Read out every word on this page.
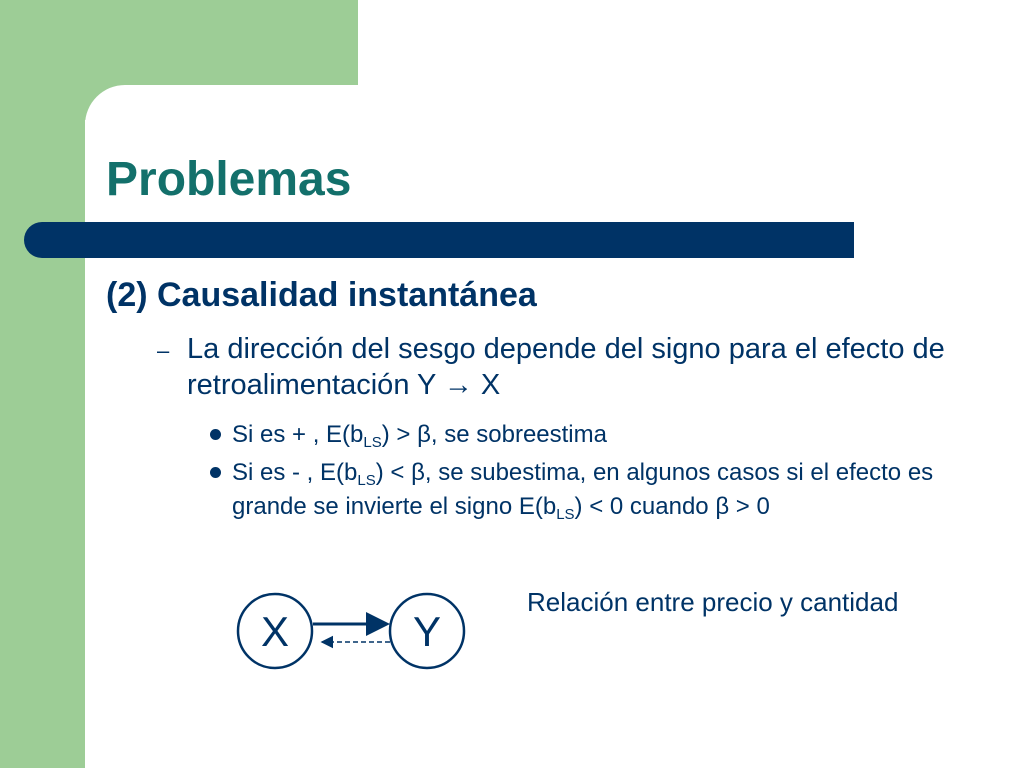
Problemas
(2) Causalidad instantánea
– La dirección del sesgo depende del signo para el efecto de retroalimentación Y → X
Si es + , $E(b_{LS}) > \beta$, se sobreestima
Si es - , $E(b_{LS}) < \beta$, se subestima, en algunos casos si el efecto es grande se invierte el signo $E(b_{LS}) < 0$ cuando β > 0
Relación entre precio y cantidad
X	Y
